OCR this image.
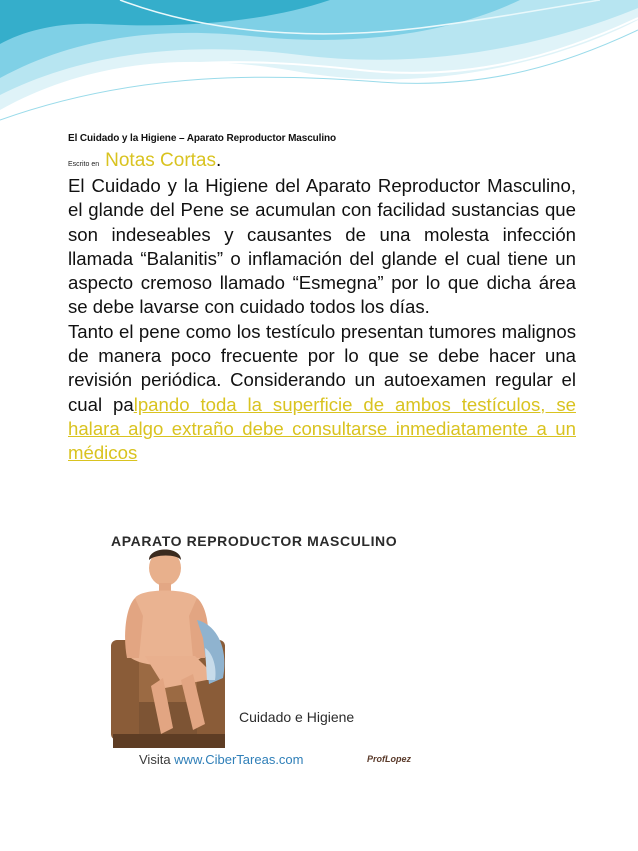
El Cuidado y la Higiene – Aparato Reproductor Masculino
Escrito en Notas Cortas.

El Cuidado y la Higiene del Aparato Reproductor Masculino, el glande del Pene se acumulan con facilidad sustancias que son indeseables y causantes de una molesta infección llamada “Balanitis” o inflamación del glande el cual tiene un aspecto cremoso llamado “Esmegna” por lo que dicha área se debe lavarse con cuidado todos los días.

Tanto el pene como los testículo presentan tumores malignos de manera poco frecuente por lo que se debe hacer una revisión periódica. Considerando un autoexamen regular el cual palpando toda la superficie de ambos testículos, se halara algo extraño debe consultarse inmediatamente a un médicos

APARATO REPRODUCTOR MASCULINO
Cuidado e Higiene
Visita www.CiberTareas.com	ProfLopez
